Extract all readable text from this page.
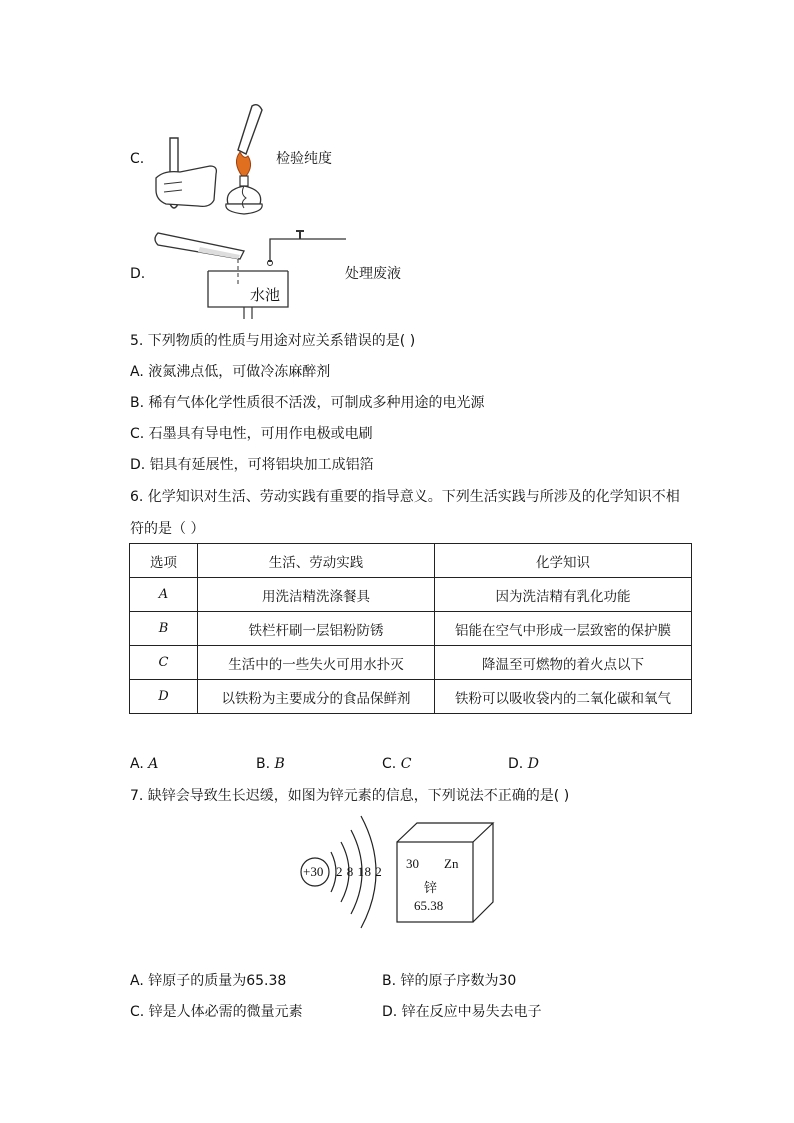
C.	检验纯度
D.
水池
处理废液
5. 下列物质的性质与用途对应关系错误的是( )
A. 液氮沸点低，可做冷冻麻醉剂
B. 稀有气体化学性质很不活泼，可制成多种用途的电光源
C. 石墨具有导电性，可用作电极或电刷
D. 铝具有延展性，可将铝块加工成铝箔
6. 化学知识对生活、劳动实践有重要的指导意义。下列生活实践与所涉及的化学知识不相
符的是（ ）
选项	生活、劳动实践	化学知识
A	用洗洁精洗涤餐具	因为洗洁精有乳化功能
B	铁栏杆刷一层铝粉防锈	铝能在空气中形成一层致密的保护膜
C	生活中的一些失火可用水扑灭	降温至可燃物的着火点以下
D	以铁粉为主要成分的食品保鲜剂	铁粉可以吸收袋内的二氧化碳和氧气
A. A	B. B	C. C	D. D
7. 缺锌会导致生长迟缓，如图为锌元素的信息，下列说法不正确的是( )
+30 2 8 18 2
30 Zn
锌
65.38
A. 锌原子的质量为65.38	B. 锌的原子序数为30
C. 锌是人体必需的微量元素	D. 锌在反应中易失去电子
